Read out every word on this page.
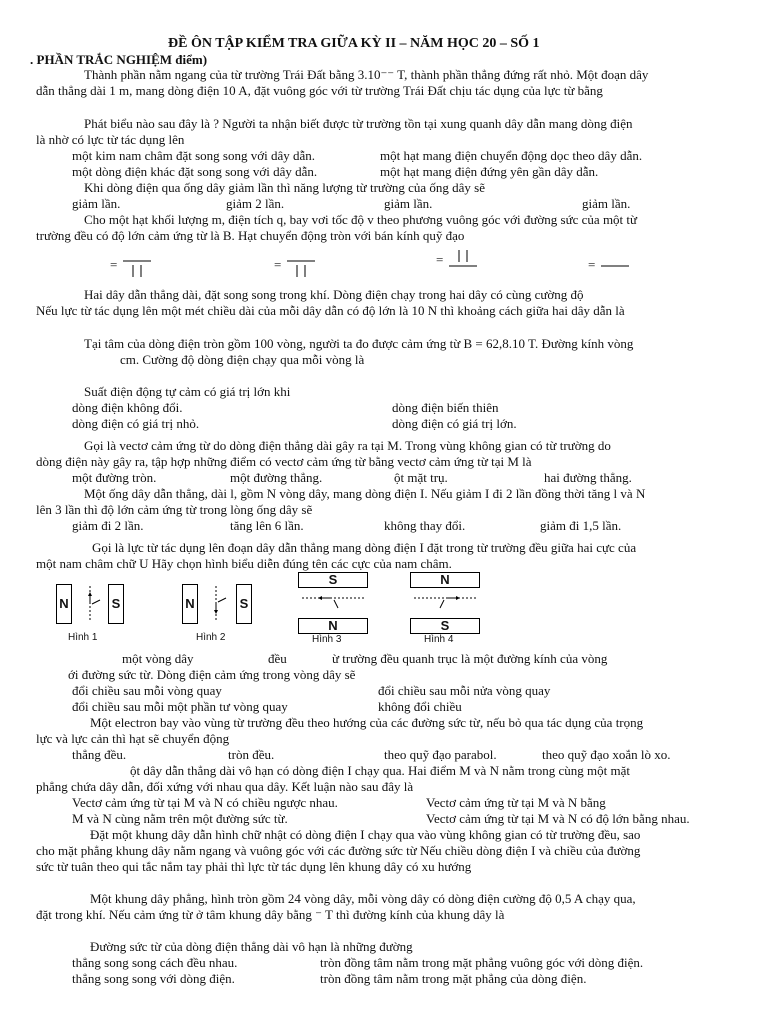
ĐỀ ÔN TẬP KIỂM TRA GIỮA KỲ II – NĂM HỌC 20 – SỐ 1
. PHẦN TRẮC NGHIỆM điểm)
Thành phần nằm ngang của từ trường Trái Đất bằng 3.10⁻⁻ T, thành phần thẳng đứng rất nhỏ. Một đoạn dây
dẫn thẳng dài 1 m, mang dòng điện 10 A, đặt vuông góc với từ trường Trái Đất chịu tác dụng của lực từ bằng
Phát biểu nào sau đây là ? Người ta nhận biết được từ trường tồn tại xung quanh dây dẫn mang dòng điện
là nhờ có lực từ tác dụng lên
một kim nam châm đặt song song với dây dẫn.	một hạt mang điện chuyển động dọc theo dây dẫn.
một dòng điện khác đặt song song với dây dẫn.	một hạt mang điện đứng yên gần dây dẫn.
Khi dòng điện qua ống dây giảm lần thì năng lượng từ trường của ống dây sẽ
giảm lần.	giảm 2 lần.	giảm lần.	giảm lần.
Cho một hạt khối lượng m, điện tích q, bay vơi tốc độ v theo phương vuông góc với đường sức của một từ
trường đều có độ lớn cảm ứng từ là B. Hạt chuyển động tròn với bán kính quỹ đạo
=	=	=	=
Hai dây dẫn thẳng dài, đặt song song trong khí. Dòng điện chạy trong hai dây có cùng cường độ
Nếu lực từ tác dụng lên một mét chiều dài của mỗi dây dẫn có độ lớn là 10 N thì khoảng cách giữa hai dây dẫn là
Tại tâm của dòng điện tròn gồm 100 vòng, người ta đo được cảm ứng từ B = 62,8.10 T. Đường kính vòng
cm. Cường độ dòng điện chạy qua mỗi vòng là
Suất điện động tự cảm có giá trị lớn khi
dòng điện không đổi.	dòng điện biến thiên
dòng điện có giá trị nhỏ.	dòng điện có giá trị lớn.
Gọi là vectơ cảm ứng từ do dòng điện thẳng dài gây ra tại M. Trong vùng không gian có từ trường do
dòng điện này gây ra, tập hợp những điểm có vectơ cảm ứng từ bằng vectơ cảm ứng từ tại M là
một đường tròn.	một đường thẳng.	ột mặt trụ.	hai đường thẳng.
Một ống dây dẫn thẳng, dài l, gồm N vòng dây, mang dòng điện I. Nếu giảm I đi 2 lần đồng thời tăng l và N
lên 3 lần thì độ lớn cảm ứng từ trong lòng ống dây sẽ
giảm đi 2 lần.	tăng lên 6 lần.	không thay đổi.	giảm đi 1,5 lần.
Gọi là lực từ tác dụng lên đoạn dây dẫn thẳng mang dòng điện I đặt trong từ trường đều giữa hai cực của
một nam châm chữ U Hãy chọn hình biểu diễn đúng tên các cực của nam châm.
N	S
Hình 1
N	S
Hình 2
S
N
Hình 3
N
S
Hình 4
một vòng dây	đều	ừ trường đều quanh trục là một đường kính của vòng
ới đường sức từ. Dòng điện cảm ứng trong vòng dây sẽ
đổi chiều sau mỗi vòng quay	đổi chiều sau mỗi nửa vòng quay
đổi chiều sau mỗi một phần tư vòng quay	không đổi chiều
Một electron bay vào vùng từ trường đều theo hướng của các đường sức từ, nếu bỏ qua tác dụng của trọng
lực và lực cản thì hạt sẽ chuyển động
thẳng đều.	tròn đều.	theo quỹ đạo parabol.	theo quỹ đạo xoắn lò xo.
ột dây dẫn thẳng dài vô hạn có dòng điện I chạy qua. Hai điểm M và N nằm trong cùng một mặt
phẳng chứa dây dẫn, đối xứng với nhau qua dây. Kết luận nào sau đây là
Vectơ cảm ứng từ tại M và N có chiều ngược nhau.	Vectơ cảm ứng từ tại M và N bằng
M và N cùng nằm trên một đường sức từ.	Vectơ cảm ứng từ tại M và N có độ lớn bằng nhau.
Đặt một khung dây dẫn hình chữ nhật có dòng điện I chạy qua vào vùng không gian có từ trường đều, sao
cho mặt phẳng khung dây nằm ngang và vuông góc với các đường sức từ Nếu chiều dòng điện I và chiều của đường
sức từ tuân theo qui tắc nắm tay phải thì lực từ tác dụng lên khung dây có xu hướng
Một khung dây phẳng, hình tròn gồm 24 vòng dây, mỗi vòng dây có dòng điện cường độ 0,5 A chạy qua,
đặt trong khí. Nếu cảm ứng từ ở tâm khung dây bằng ⁻ T thì đường kính của khung dây là
Đường sức từ của dòng điện thẳng dài vô hạn là những đường
thẳng song song cách đều nhau.	tròn đồng tâm nằm trong mặt phẳng vuông góc với dòng điện.
thẳng song song với dòng điện.	tròn đồng tâm nằm trong mặt phẳng của dòng điện.
